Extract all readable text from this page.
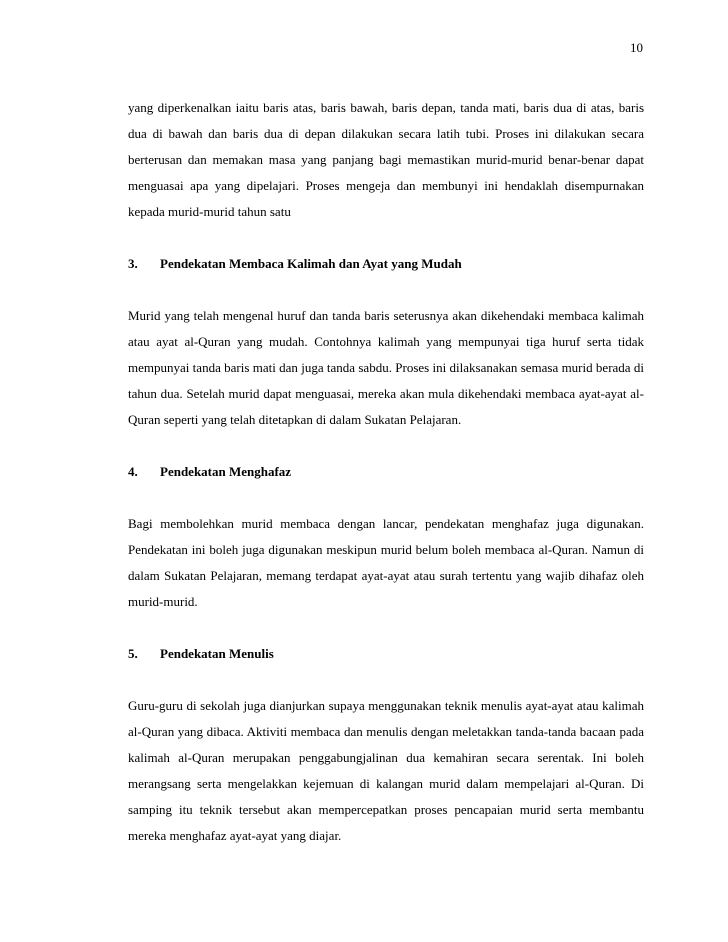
10

yang diperkenalkan iaitu baris atas, baris bawah, baris depan, tanda mati, baris dua di atas, baris dua di bawah dan baris dua di depan dilakukan secara latih tubi. Proses ini dilakukan secara berterusan dan memakan masa yang panjang bagi memastikan murid-murid benar-benar dapat menguasai apa yang dipelajari. Proses mengeja dan membunyi ini hendaklah disempurnakan kepada murid-murid tahun satu

3.	Pendekatan Membaca Kalimah dan Ayat yang Mudah

Murid yang telah mengenal huruf dan tanda baris seterusnya akan dikehendaki membaca kalimah atau ayat al-Quran yang mudah. Contohnya kalimah yang mempunyai tiga huruf serta tidak mempunyai tanda baris mati dan juga tanda sabdu. Proses ini dilaksanakan semasa murid berada di tahun dua. Setelah murid dapat menguasai, mereka akan mula dikehendaki membaca ayat-ayat al-Quran seperti yang telah ditetapkan di dalam Sukatan Pelajaran.

4.	Pendekatan Menghafaz

Bagi membolehkan murid membaca dengan lancar, pendekatan menghafaz juga digunakan. Pendekatan ini boleh juga digunakan meskipun murid belum boleh membaca al-Quran. Namun di dalam Sukatan Pelajaran, memang terdapat ayat-ayat atau surah tertentu yang wajib dihafaz oleh murid-murid.

5.	Pendekatan Menulis

Guru-guru di sekolah juga dianjurkan supaya menggunakan teknik menulis ayat-ayat atau kalimah al-Quran yang dibaca. Aktiviti membaca dan menulis dengan meletakkan tanda-tanda bacaan pada kalimah al-Quran merupakan penggabungjalinan dua kemahiran secara serentak. Ini boleh merangsang serta mengelakkan kejemuan di kalangan murid dalam mempelajari al-Quran. Di samping itu teknik tersebut akan mempercepatkan proses pencapaian murid serta membantu mereka menghafaz ayat-ayat yang diajar.
